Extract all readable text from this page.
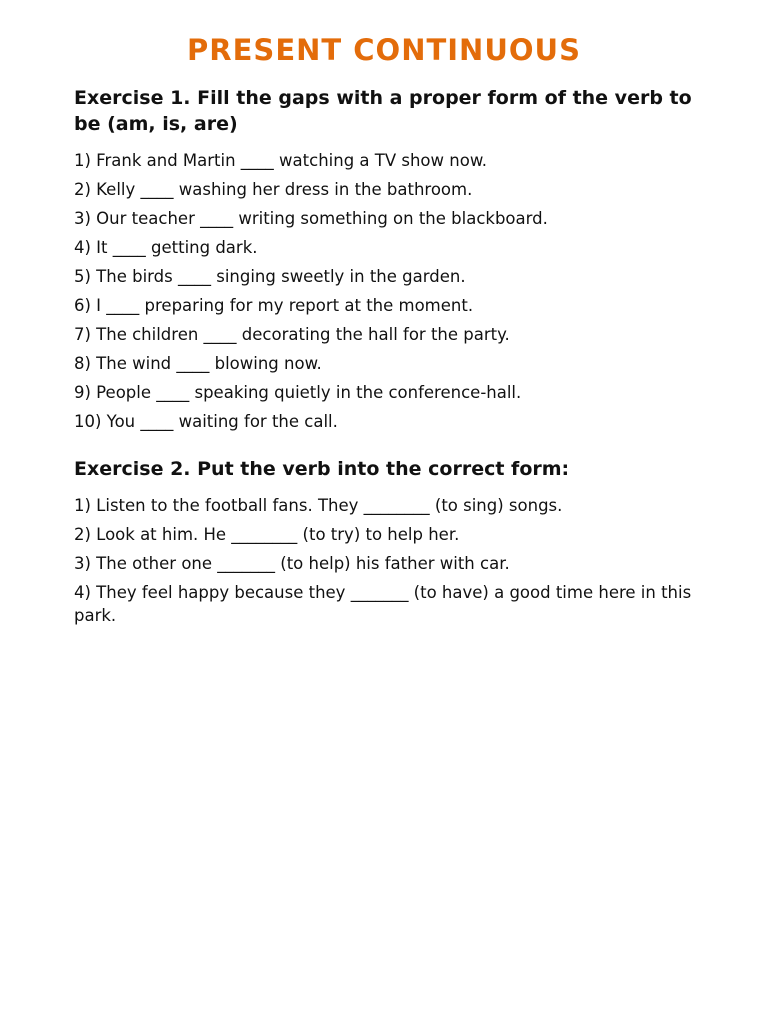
PRESENT CONTINUOUS
Exercise 1. Fill the gaps with a proper form of the verb to be (am, is, are)
1) Frank and Martin ____ watching a TV show now.
2) Kelly ____ washing her dress in the bathroom.
3) Our teacher ____ writing something on the blackboard.
4) It ____ getting dark.
5) The birds ____ singing sweetly in the garden.
6) I ____ preparing for my report at the moment.
7) The children ____ decorating the hall for the party.
8) The wind ____ blowing now.
9) People ____ speaking quietly in the conference-hall.
10) You ____ waiting for the call.
Exercise 2. Put the verb into the correct form:
1) Listen to the football fans. They ________ (to sing) songs.
2) Look at him. He ________ (to try) to help her.
3) The other one _______ (to help) his father with car.
4) They feel happy because they _______ (to have) a good time here in this park.
